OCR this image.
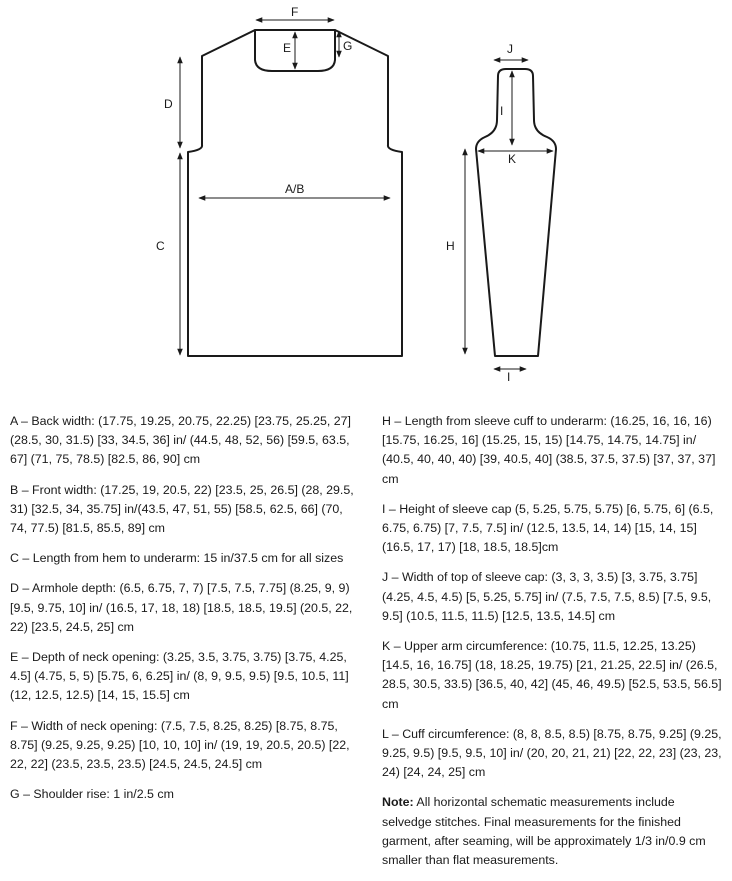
F
E	G
D
A/B
C
J
I
K
H
I

A – Back width: (17.75, 19.25, 20.75, 22.25) [23.75, 25.25, 27] (28.5, 30, 31.5) [33, 34.5, 36] in/ (44.5, 48, 52, 56) [59.5, 63.5, 67] (71, 75, 78.5) [82.5, 86, 90] cm

B – Front width: (17.25, 19, 20.5, 22) [23.5, 25, 26.5] (28, 29.5, 31) [32.5, 34, 35.75] in/(43.5, 47, 51, 55) [58.5, 62.5, 66] (70, 74, 77.5) [81.5, 85.5, 89] cm

C – Length from hem to underarm: 15 in/37.5 cm for all sizes

D – Armhole depth: (6.5, 6.75, 7, 7) [7.5, 7.5, 7.75] (8.25, 9, 9) [9.5, 9.75, 10] in/ (16.5, 17, 18, 18) [18.5, 18.5, 19.5] (20.5, 22, 22) [23.5, 24.5, 25] cm

E – Depth of neck opening: (3.25, 3.5, 3.75, 3.75) [3.75, 4.25, 4.5] (4.75, 5, 5) [5.75, 6, 6.25] in/ (8, 9, 9.5, 9.5) [9.5, 10.5, 11] (12, 12.5, 12.5) [14, 15, 15.5] cm

F – Width of neck opening: (7.5, 7.5, 8.25, 8.25) [8.75, 8.75, 8.75] (9.25, 9.25, 9.25) [10, 10, 10] in/ (19, 19, 20.5, 20.5) [22, 22, 22] (23.5, 23.5, 23.5) [24.5, 24.5, 24.5] cm

G – Shoulder rise: 1 in/2.5 cm

H – Length from sleeve cuff to underarm: (16.25, 16, 16, 16) [15.75, 16.25, 16] (15.25, 15, 15) [14.75, 14.75, 14.75] in/ (40.5, 40, 40, 40) [39, 40.5, 40] (38.5, 37.5, 37.5) [37, 37, 37] cm

I – Height of sleeve cap (5, 5.25, 5.75, 5.75) [6, 5.75, 6] (6.5, 6.75, 6.75) [7, 7.5, 7.5] in/ (12.5, 13.5, 14, 14) [15, 14, 15] (16.5, 17, 17) [18, 18.5, 18.5]cm

J – Width of top of sleeve cap: (3, 3, 3, 3.5) [3, 3.75, 3.75] (4.25, 4.5, 4.5) [5, 5.25, 5.75] in/ (7.5, 7.5, 7.5, 8.5) [7.5, 9.5, 9.5] (10.5, 11.5, 11.5) [12.5, 13.5, 14.5] cm

K – Upper arm circumference: (10.75, 11.5, 12.25, 13.25) [14.5, 16, 16.75] (18, 18.25, 19.75) [21, 21.25, 22.5] in/ (26.5, 28.5, 30.5, 33.5) [36.5, 40, 42] (45, 46, 49.5) [52.5, 53.5, 56.5] cm

L – Cuff circumference: (8, 8, 8.5, 8.5) [8.75, 8.75, 9.25] (9.25, 9.25, 9.5) [9.5, 9.5, 10] in/ (20, 20, 21, 21) [22, 22, 23] (23, 23, 24) [24, 24, 25] cm

Note: All horizontal schematic measurements include selvedge stitches. Final measurements for the finished garment, after seaming, will be approximately 1/3 in/0.9 cm smaller than flat measurements.
